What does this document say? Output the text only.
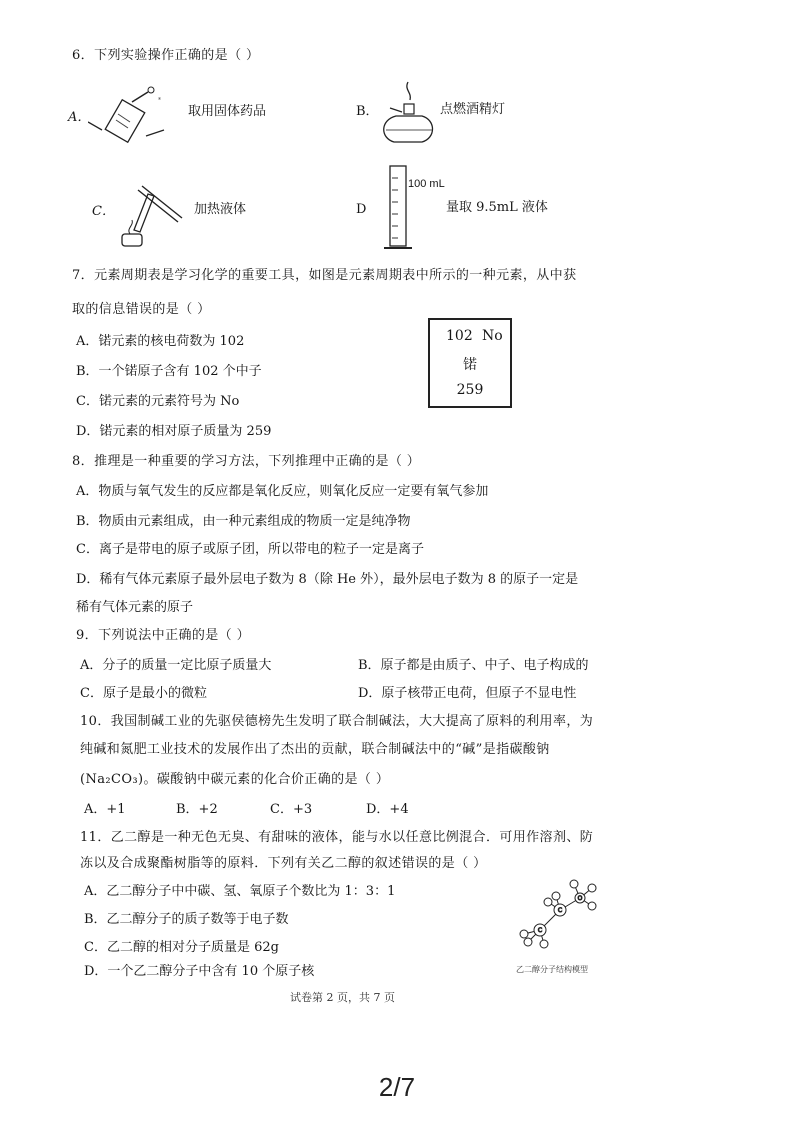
6．下列实验操作正确的是（ ）
A．
*
取用固体药品	B．	点燃酒精灯
C．	加热液体	D
100 mL
量取 9.5mL 液体
7．元素周期表是学习化学的重要工具，如图是元素周期表中所示的一种元素，从中获
取的信息错误的是（ ）
A．锘元素的核电荷数为 102
B．一个锘原子含有 102 个中子
C．锘元素的元素符号为 No
D．锘元素的相对原子质量为 259
102 No
锘
259
8．推理是一种重要的学习方法，下列推理中正确的是（ ）
A．物质与氧气发生的反应都是氧化反应，则氧化反应一定要有氧气参加
B．物质由元素组成，由一种元素组成的物质一定是纯净物
C．离子是带电的原子或原子团，所以带电的粒子一定是离子
D．稀有气体元素原子最外层电子数为 8（除 He 外），最外层电子数为 8 的原子一定是
稀有气体元素的原子
9．下列说法中正确的是（ ）
A．分子的质量一定比原子质量大	B．原子都是由质子、中子、电子构成的
C．原子是最小的微粒	D．原子核带正电荷，但原子不显电性
10．我国制碱工业的先驱侯德榜先生发明了联合制碱法，大大提高了原料的利用率，为
纯碱和氮肥工业技术的发展作出了杰出的贡献，联合制碱法中的“碱”是指碳酸钠
(Na₂CO₃)。碳酸钠中碳元素的化合价正确的是（ ）
A．+1	B．+2	C．+3	D．+4
11．乙二醇是一种无色无臭、有甜味的液体，能与水以任意比例混合．可用作溶剂、防
冻以及合成聚酯树脂等的原料．下列有关乙二醇的叙述错误的是（ ）
A．乙二醇分子中中碳、氢、氧原子个数比为 1：3：1
B．乙二醇分子的质子数等于电子数
C．乙二醇的相对分子质量是 62g
D．一个乙二醇分子中含有 10 个原子核
C
C
O
乙二醇分子结构模型
试卷第 2 页，共 7 页
2/7
